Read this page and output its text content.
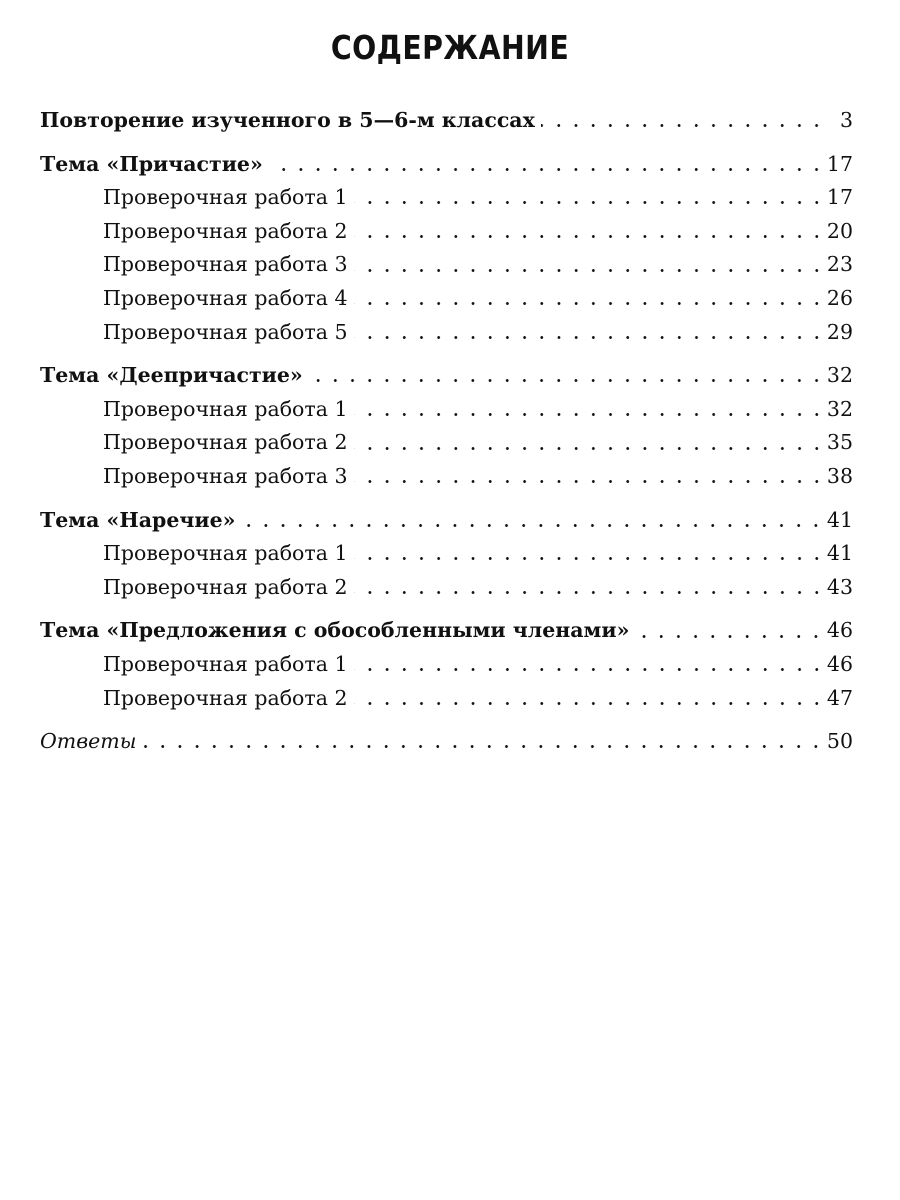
СОДЕРЖАНИЕ
Повторение изученного в 5—6-м классах	3
Тема «Причастие»	17
Проверочная работа 1	17
Проверочная работа 2	20
Проверочная работа 3	23
Проверочная работа 4	26
Проверочная работа 5	29
Тема «Деепричастие»	32
Проверочная работа 1	32
Проверочная работа 2	35
Проверочная работа 3	38
Тема «Наречие»	41
Проверочная работа 1	41
Проверочная работа 2	43
Тема «Предложения с обособленными членами»	46
Проверочная работа 1	46
Проверочная работа 2	47
Ответы	50
